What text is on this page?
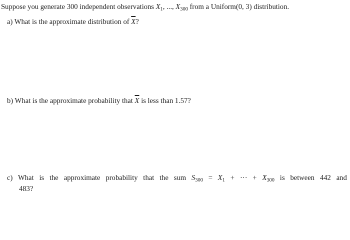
Suppose you generate 300 independent observations $X_1$, ..., $X_{300}$ from a Uniform(0, 3) distribution.
a) What is the approximate distribution of $\overline{X}$?
b) What is the approximate probability that $\overline{X}$ is less than 1.57?
c) What is the approximate probability that the sum $S_{300} = X_1$ + ··· + $X_{300}$ is between 442 and
483?
